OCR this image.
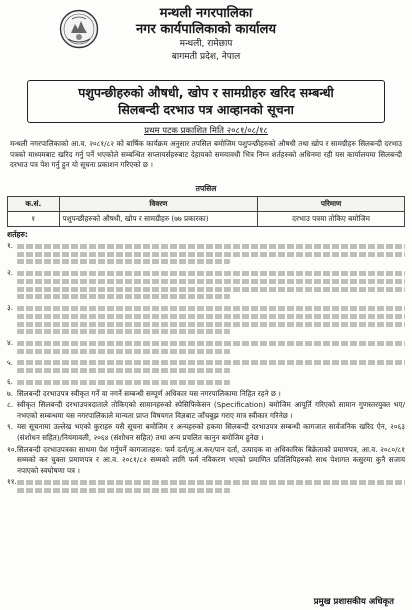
मन्थली नगरपालिका
नगर कार्यपालिकाको कार्यालय
मन्थली, रामेछाप
बागमती प्रदेश, नेपाल
पशुपन्छीहरुको औषधी, खोप र सामग्रीहरु खरिद सम्बन्धी
सिलबन्दी दरभाउ पत्र आव्हानको सूचना
प्रथम पटक प्रकाशित मिति २०८१/०८/१८
मन्थली नगरपालिकाको आ.व. २०८१/८२ को बार्षिक कार्यक्रम अनुसार तपसिल बमोजिम पशुपन्छीहरुको औषधी तथा खोप र सामग्रीहरु सिलबन्दी दरभाउ पत्रको माध्यमबाट खरिद गर्नु पर्ने भएकोले सम्बन्धित सप्लायर्सहरुबाट देहायको समयावधी भित्र निम्न शर्तहरुको अधिनमा रही यस कार्यालयमा सिलबन्दी दरभाउ पत्र पेश गर्नु हुन यो सूचना प्रकाशन गरिएको छ ।
तपसिल
क.सं.	विवरण	परिमाण
१	पशुपन्छीहरुको औषधी, खोप र सामग्रीहरु (७७ प्रकारका)	दरभाउ पत्रमा तोकिए बमोजिम
शर्तहरु:
१.
२.
३.
४.
५.
६.
७. सिलबन्दी दरभाउपत्र स्वीकृत गर्ने वा नगर्ने सम्बन्धी सम्पूर्ण अधिकार यस नगरपालिकामा निहित रहने छ ।
८. स्वीकृत सिलबन्दी दरभाउपत्रदाताले तोकिएको सामानहरुको स्पेसिफिकेसन (Specification) बमोजिम आपूर्ति गरिएको सामान गुणस्तरयुक्त भए/नभएको सम्बन्धमा यस नगरपालिकाले मान्यता प्राप्त विषयगत विज्ञबाट जाँचबुझ गराए मात्र स्वीकार गरिनेछ ।
९. यस सूचनामा उल्लेख भएको कुराहरु यसै सूचना बमोजिम र अन्यहरुको हकमा सिलबन्दी दरभाउपत्र सम्बन्धी कागजात सार्वजनिक खरिद ऐन, २०६३ (संशोधन सहित)/नियमावली, २०६४ (संशोधन सहित) तथा अन्य प्रचलित कानुन बमोजिम हुनेछ ।
१०. सिलबन्दी दरभाउपत्रका साथमा पेश गर्नुपर्ने कागजातहरु: फर्म दर्ता/मु.अ.कर/पान दर्ता, उत्पादक वा अधिकारिक बिक्रेताको प्रमाणपत्र, आ.व. २०८०/८१ सम्मको कर चुक्ता प्रमाणपत्र र आ.व. २०८१/८२ सम्मको लागि फर्म नविकरण भएको प्रमाणित प्रतिलिपिहरुको साथ पेशागत कसुरमा कुनै सजाय नपाएको स्वघोषणा पत्र ।
११.
प्रमुख प्रशासकीय अधिकृत
